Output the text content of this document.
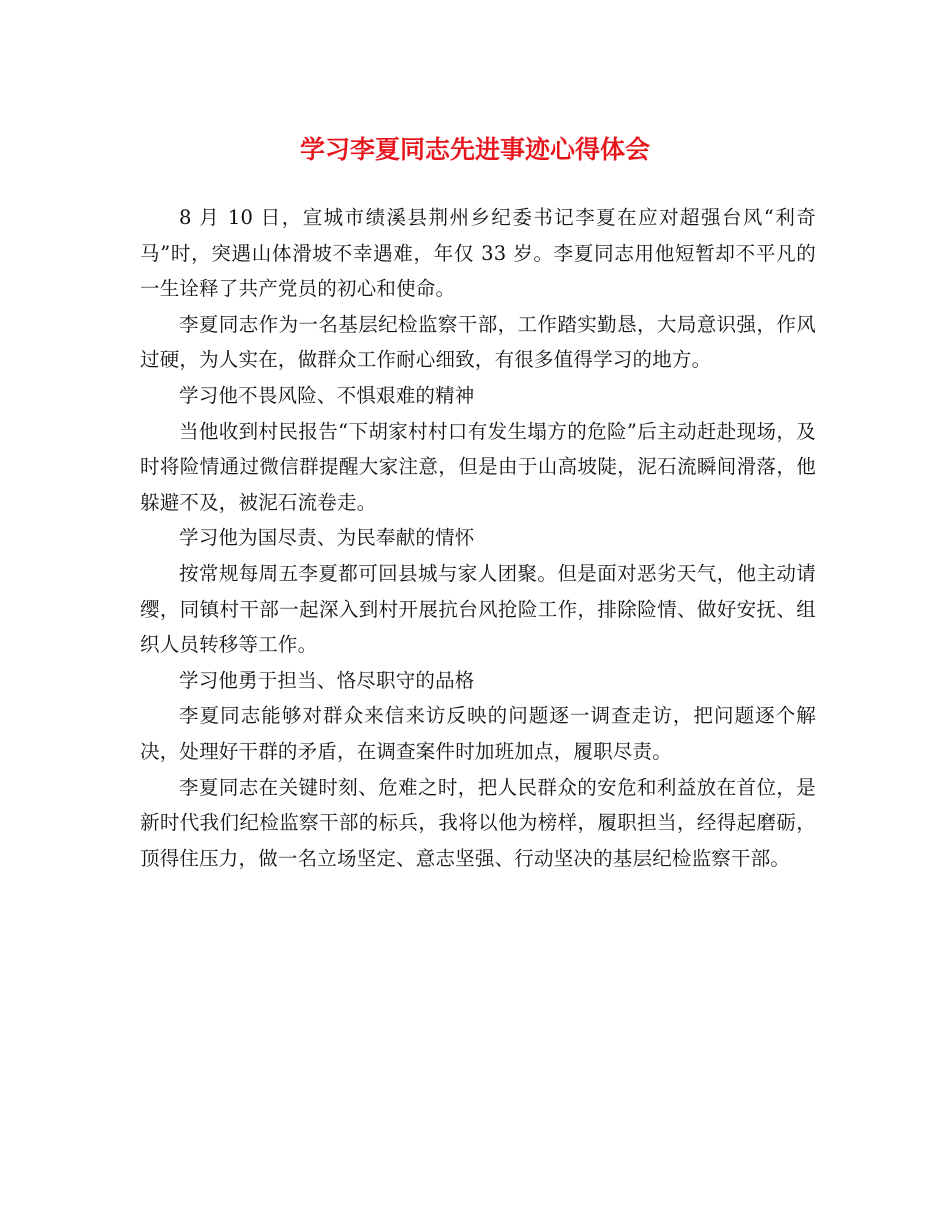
学习李夏同志先进事迹心得体会

8 月 10 日，宣城市绩溪县荆州乡纪委书记李夏在应对超强台风“利奇马”时，突遇山体滑坡不幸遇难，年仅 33 岁。李夏同志用他短暂却不平凡的一生诠释了共产党员的初心和使命。

李夏同志作为一名基层纪检监察干部，工作踏实勤恳，大局意识强，作风过硬，为人实在，做群众工作耐心细致，有很多值得学习的地方。

学习他不畏风险、不惧艰难的精神

当他收到村民报告“下胡家村村口有发生塌方的危险”后主动赶赴现场，及时将险情通过微信群提醒大家注意，但是由于山高坡陡，泥石流瞬间滑落，他躲避不及，被泥石流卷走。

学习他为国尽责、为民奉献的情怀

按常规每周五李夏都可回县城与家人团聚。但是面对恶劣天气，他主动请缨，同镇村干部一起深入到村开展抗台风抢险工作，排除险情、做好安抚、组织人员转移等工作。

学习他勇于担当、恪尽职守的品格

李夏同志能够对群众来信来访反映的问题逐一调查走访，把问题逐个解决，处理好干群的矛盾，在调查案件时加班加点，履职尽责。

李夏同志在关键时刻、危难之时，把人民群众的安危和利益放在首位，是新时代我们纪检监察干部的标兵，我将以他为榜样，履职担当，经得起磨砺，顶得住压力，做一名立场坚定、意志坚强、行动坚决的基层纪检监察干部。
